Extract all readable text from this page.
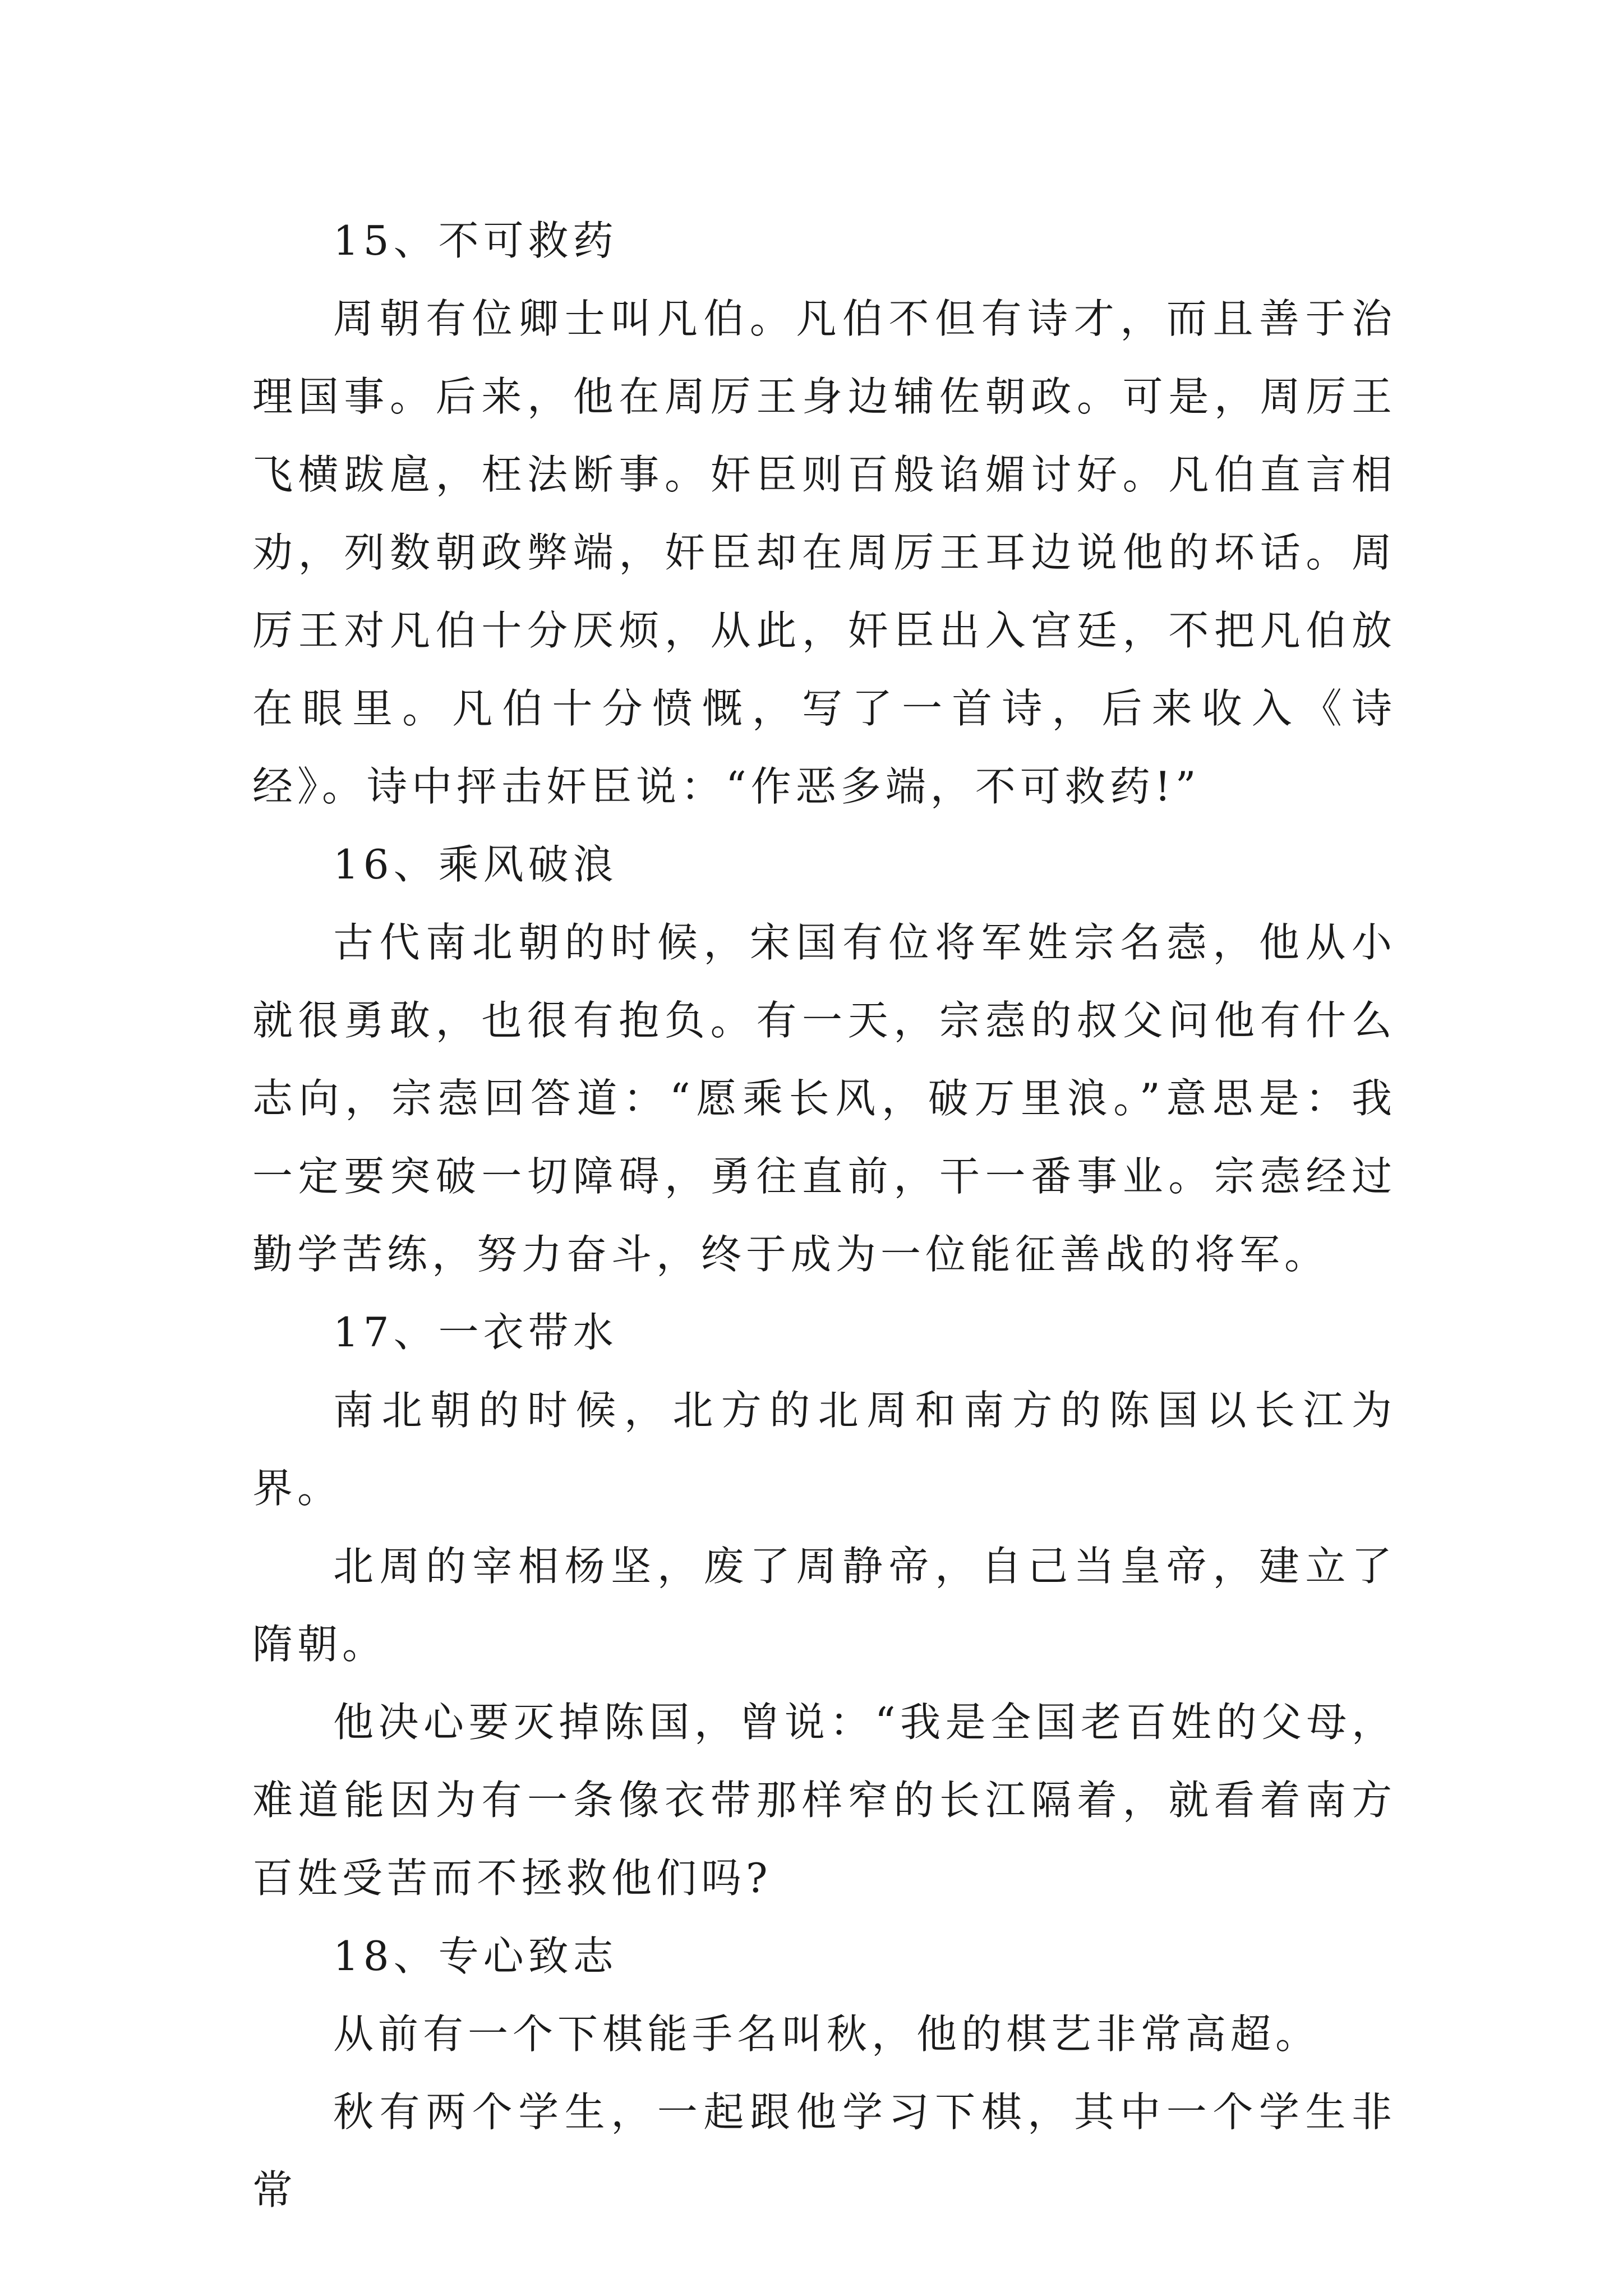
15、不可救药

周朝有位卿士叫凡伯。凡伯不但有诗才，而且善于治理国事。后来，他在周厉王身边辅佐朝政。可是，周厉王飞横跋扈，枉法断事。奸臣则百般谄媚讨好。凡伯直言相劝，列数朝政弊端，奸臣却在周厉王耳边说他的坏话。周厉王对凡伯十分厌烦，从此，奸臣出入宫廷，不把凡伯放在眼里。凡伯十分愤慨，写了一首诗，后来收入《诗经》。诗中抨击奸臣说：“作恶多端，不可救药!”

16、乘风破浪

古代南北朝的时候，宋国有位将军姓宗名悫，他从小就很勇敢，也很有抱负。有一天，宗悫的叔父问他有什么志向，宗悫回答道：“愿乘长风，破万里浪。”意思是：我一定要突破一切障碍，勇往直前，干一番事业。宗悫经过勤学苦练，努力奋斗，终于成为一位能征善战的将军。

17、一衣带水

南北朝的时候，北方的北周和南方的陈国以长江为界。

北周的宰相杨坚，废了周静帝，自己当皇帝，建立了隋朝。

他决心要灭掉陈国，曾说：“我是全国老百姓的父母，难道能因为有一条像衣带那样窄的长江隔着，就看着南方百姓受苦而不拯救他们吗?

18、专心致志

从前有一个下棋能手名叫秋，他的棋艺非常高超。

秋有两个学生，一起跟他学习下棋，其中一个学生非常
